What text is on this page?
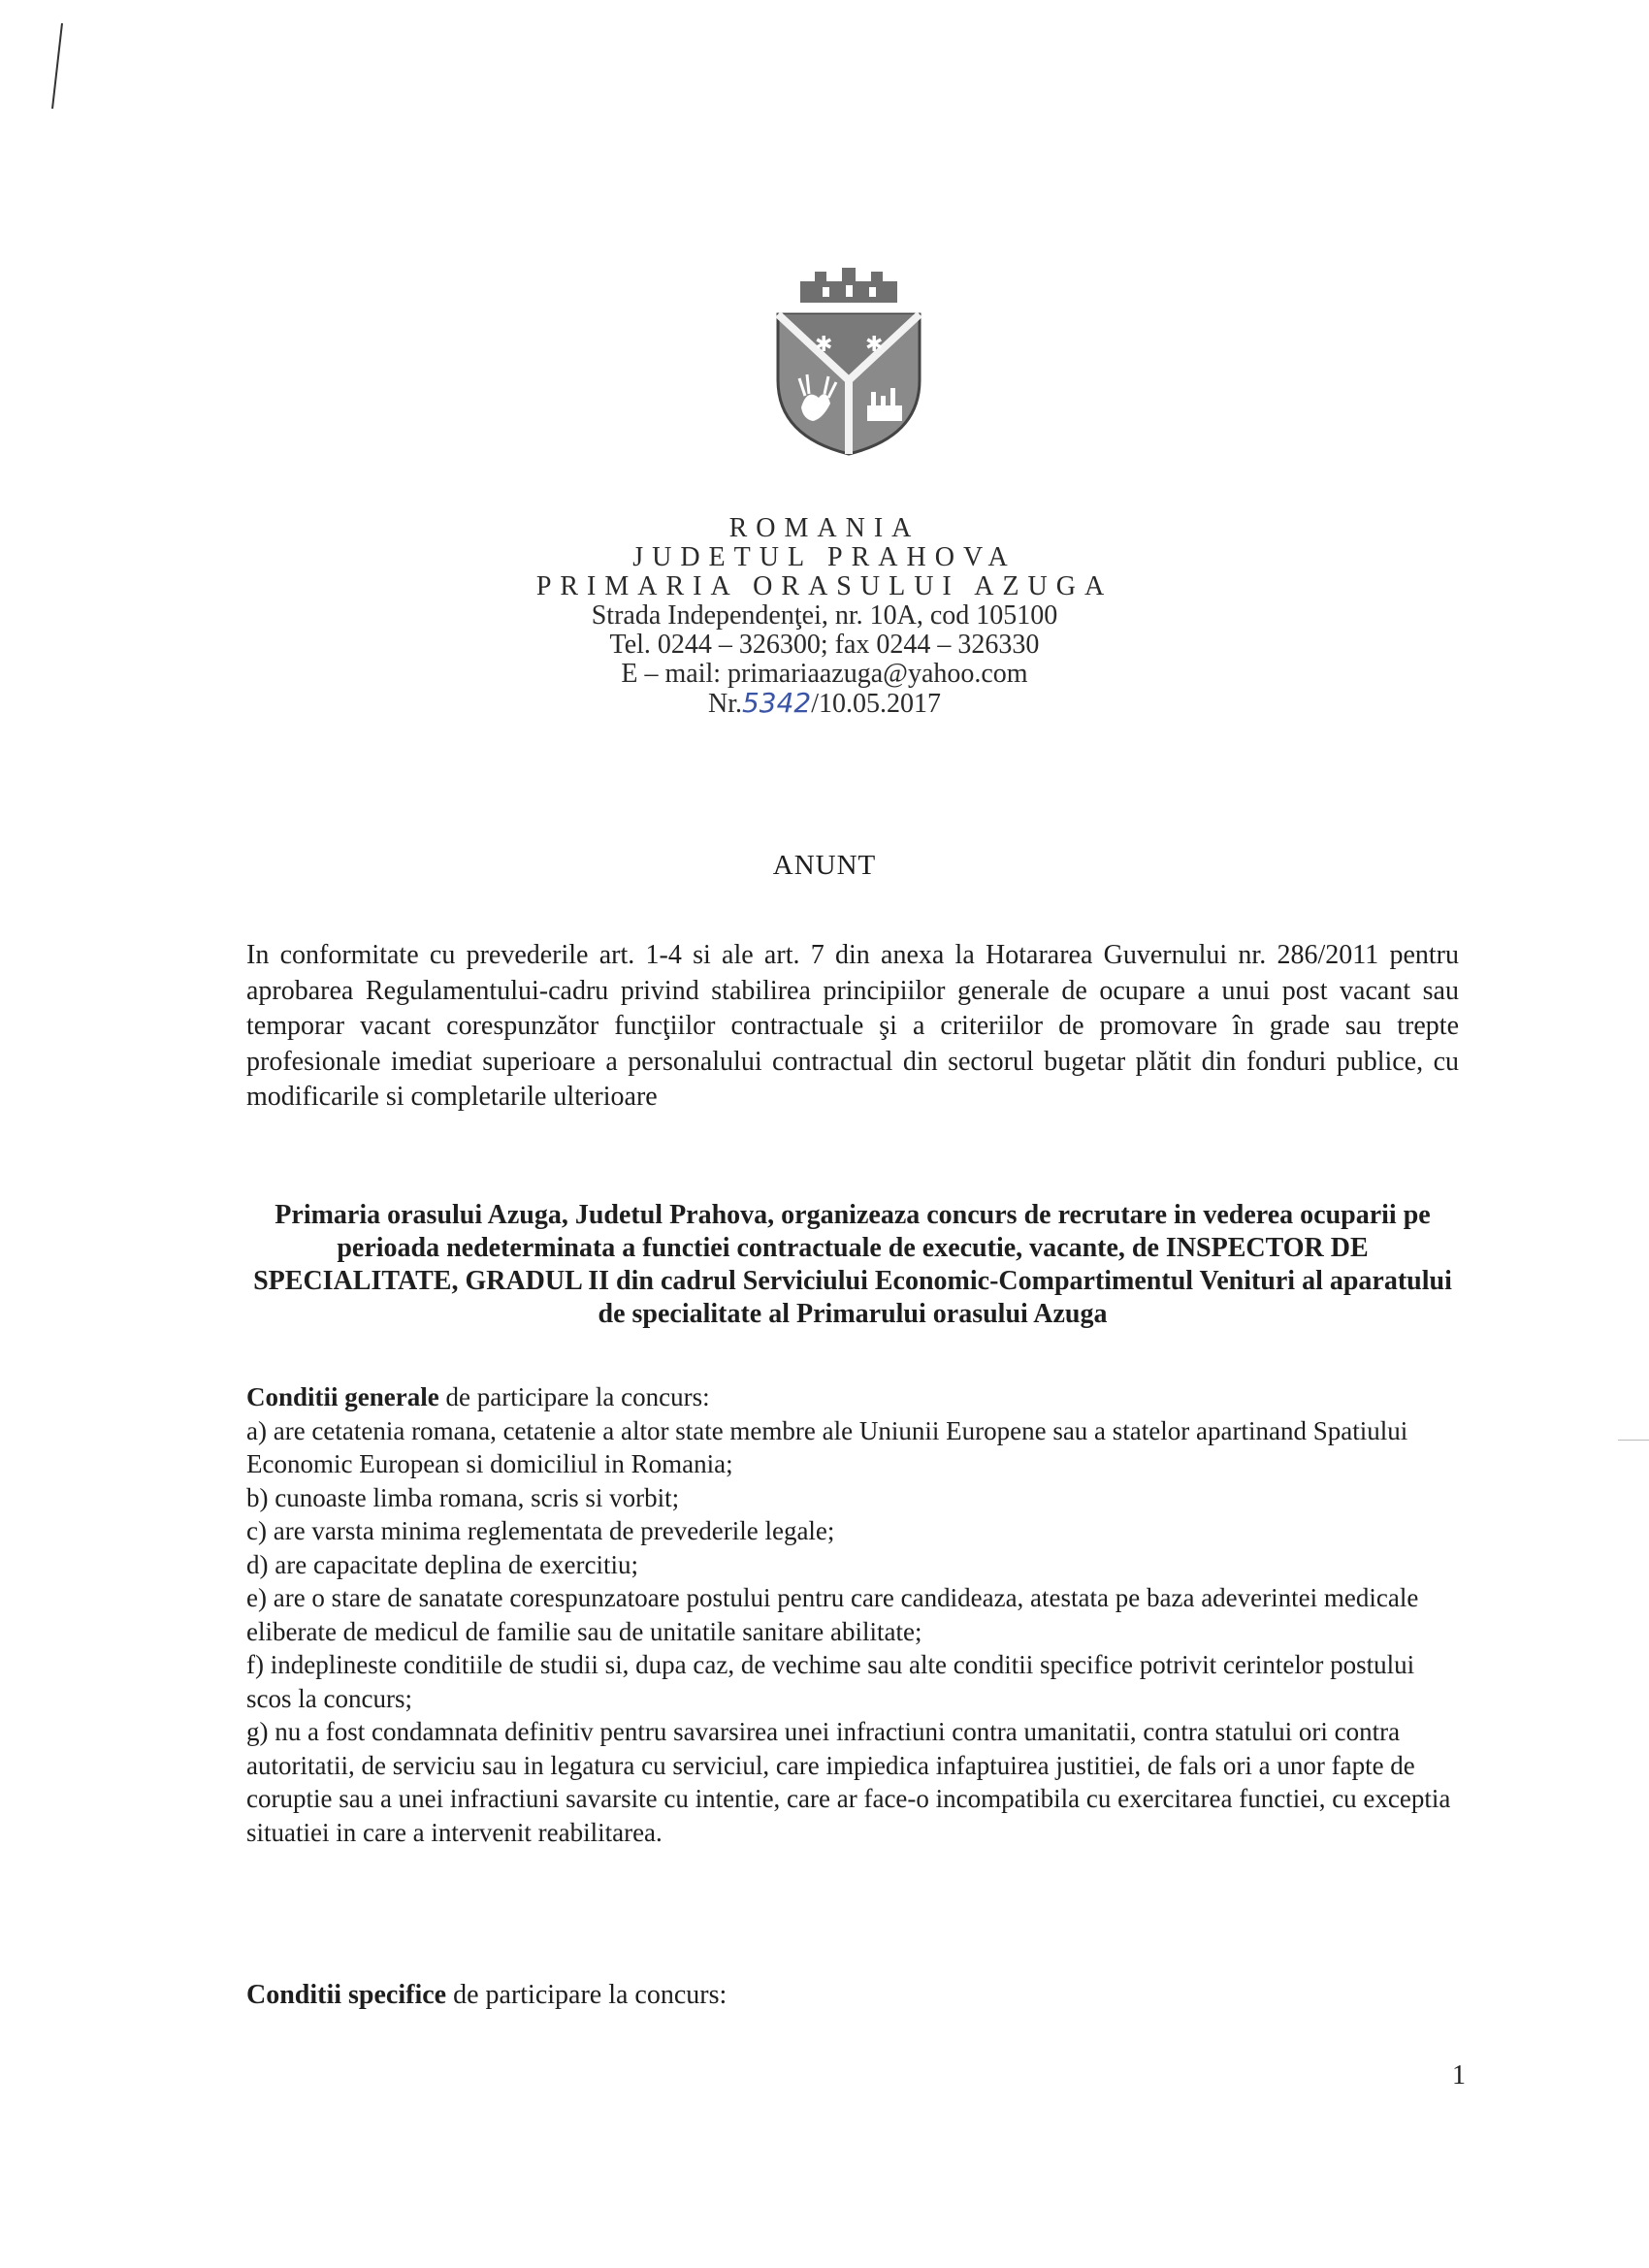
✱ ✱
ROMANIA
JUDETUL PRAHOVA
PRIMARIA ORASULUI AZUGA
Strada Independenţei, nr. 10A, cod 105100
Tel. 0244 – 326300; fax 0244 – 326330
E – mail: primariaazuga@yahoo.com
Nr.5342/10.05.2017
ANUNT
In conformitate cu prevederile art. 1-4 si ale art. 7 din anexa la Hotararea Guvernului nr. 286/2011 pentru aprobarea Regulamentului-cadru privind stabilirea principiilor generale de ocupare a unui post vacant sau temporar vacant corespunzător funcţiilor contractuale şi a criteriilor de promovare în grade sau trepte profesionale imediat superioare a personalului contractual din sectorul bugetar plătit din fonduri publice, cu modificarile si completarile ulterioare
Primaria orasului Azuga, Judetul Prahova, organizeaza concurs de recrutare in vederea ocuparii pe perioada nedeterminata a functiei contractuale de executie, vacante, de INSPECTOR DE SPECIALITATE, GRADUL II din cadrul Serviciului Economic-Compartimentul Venituri al aparatului de specialitate al Primarului orasului Azuga

Conditii generale de participare la concurs:

a) are cetatenia romana, cetatenie a altor state membre ale Uniunii Europene sau a statelor apartinand Spatiului Economic European si domiciliul in Romania;

b) cunoaste limba romana, scris si vorbit;

c) are varsta minima reglementata de prevederile legale;

d) are capacitate deplina de exercitiu;

e) are o stare de sanatate corespunzatoare postului pentru care candideaza, atestata pe baza adeverintei medicale eliberate de medicul de familie sau de unitatile sanitare abilitate;

f) indeplineste conditiile de studii si, dupa caz, de vechime sau alte conditii specifice potrivit cerintelor postului scos la concurs;

g) nu a fost condamnata definitiv pentru savarsirea unei infractiuni contra umanitatii, contra statului ori contra autoritatii, de serviciu sau in legatura cu serviciul, care impiedica infaptuirea justitiei, de fals ori a unor fapte de coruptie sau a unei infractiuni savarsite cu intentie, care ar face-o incompatibila cu exercitarea functiei, cu exceptia situatiei in care a intervenit reabilitarea.

Conditii specifice de participare la concurs:
1
